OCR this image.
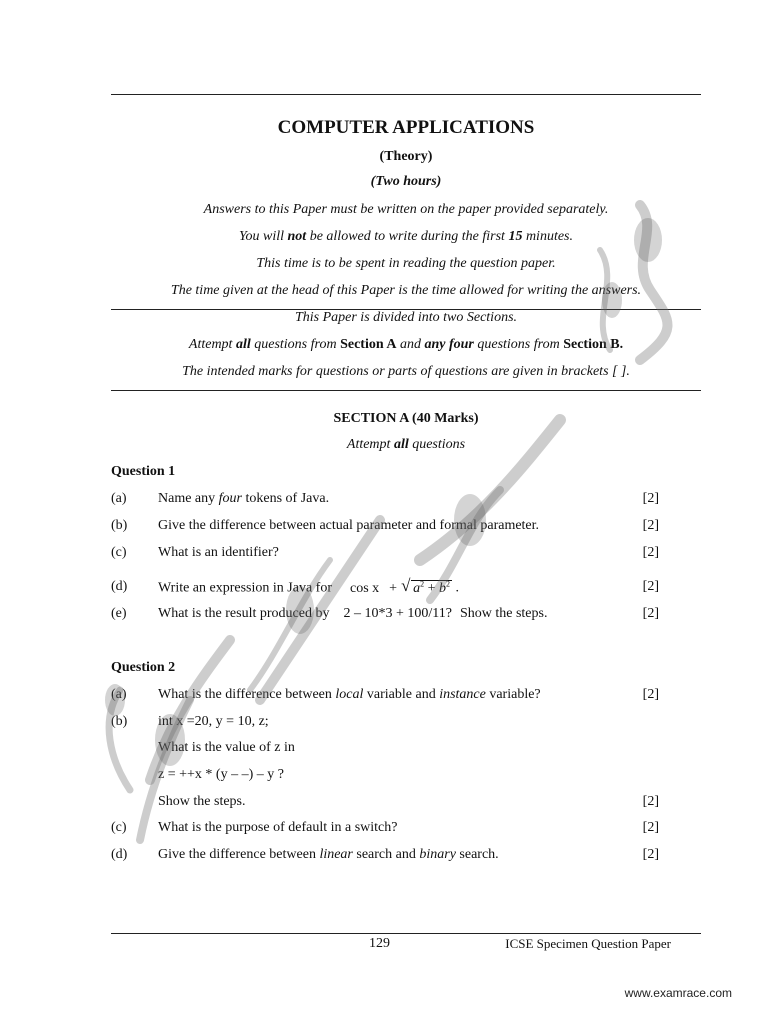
COMPUTER APPLICATIONS
(Theory)
(Two hours)
Answers to this Paper must be written on the paper provided separately.
You will not be allowed to write during the first 15 minutes.
This time is to be spent in reading the question paper.
The time given at the head of this Paper is the time allowed for writing the answers.
This Paper is divided into two Sections.
Attempt all questions from Section A and any four questions from Section B.
The intended marks for questions or parts of questions are given in brackets [ ].
SECTION A (40 Marks)
Attempt all questions
Question 1
(a) Name any four tokens of Java.	[2]
(b) Give the difference between actual parameter and formal parameter.	[2]
(c) What is an identifier?	[2]
(d) Write an expression in Java for cos x + √ $a^2 + b^2$ .	[2]
(e) What is the result produced by 2 – 10*3 + 100/11? Show the steps.	[2]
Question 2
(a) What is the difference between local variable and instance variable?	[2]
(b) int x =20, y = 10, z;
What is the value of z in
z = ++x * (y – –) – y ?
Show the steps.	[2]
(c) What is the purpose of default in a switch?	[2]
(d) Give the difference between linear search and binary search.	[2]
129	ICSE Specimen Question Paper
www.examrace.com
